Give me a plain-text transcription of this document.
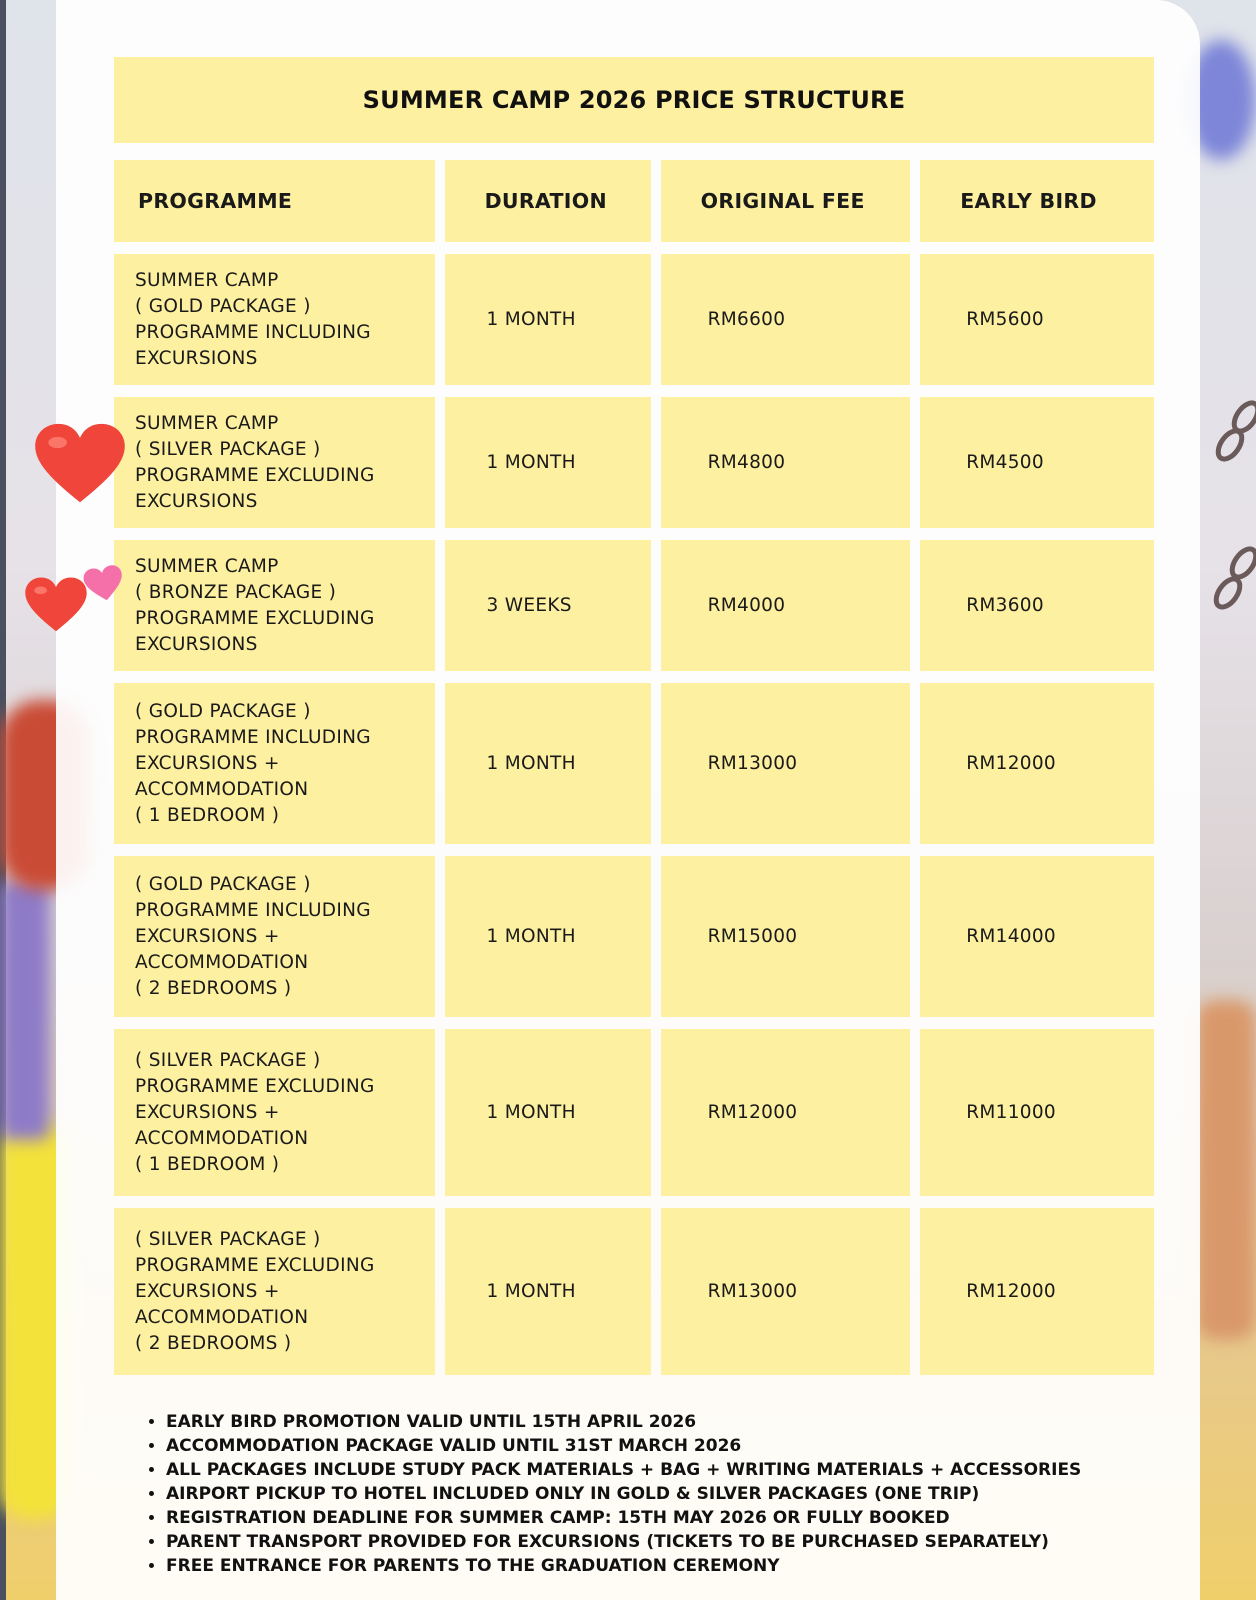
SUMMER CAMP 2026 PRICE STRUCTURE
PROGRAMME	DURATION	ORIGINAL FEE	EARLY BIRD
SUMMER CAMP
( GOLD PACKAGE )
PROGRAMME INCLUDING
EXCURSIONS
1 MONTH	RM6600	RM5600
SUMMER CAMP
( SILVER PACKAGE )
PROGRAMME EXCLUDING
EXCURSIONS
1 MONTH	RM4800	RM4500
SUMMER CAMP
( BRONZE PACKAGE )
PROGRAMME EXCLUDING
EXCURSIONS
3 WEEKS	RM4000	RM3600
( GOLD PACKAGE )
PROGRAMME INCLUDING
EXCURSIONS +
ACCOMMODATION
( 1 BEDROOM )
1 MONTH	RM13000	RM12000
( GOLD PACKAGE )
PROGRAMME INCLUDING
EXCURSIONS +
ACCOMMODATION
( 2 BEDROOMS )
1 MONTH	RM15000	RM14000
( SILVER PACKAGE )
PROGRAMME EXCLUDING
EXCURSIONS +
ACCOMMODATION
( 1 BEDROOM )
1 MONTH	RM12000	RM11000
( SILVER PACKAGE )
PROGRAMME EXCLUDING
EXCURSIONS +
ACCOMMODATION
( 2 BEDROOMS )
1 MONTH	RM13000	RM12000
• EARLY BIRD PROMOTION VALID UNTIL 15TH APRIL 2026
• ACCOMMODATION PACKAGE VALID UNTIL 31ST MARCH 2026
• ALL PACKAGES INCLUDE STUDY PACK MATERIALS + BAG + WRITING MATERIALS + ACCESSORIES
• AIRPORT PICKUP TO HOTEL INCLUDED ONLY IN GOLD & SILVER PACKAGES (ONE TRIP)
• REGISTRATION DEADLINE FOR SUMMER CAMP: 15TH MAY 2026 OR FULLY BOOKED
• PARENT TRANSPORT PROVIDED FOR EXCURSIONS (TICKETS TO BE PURCHASED SEPARATELY)
• FREE ENTRANCE FOR PARENTS TO THE GRADUATION CEREMONY
